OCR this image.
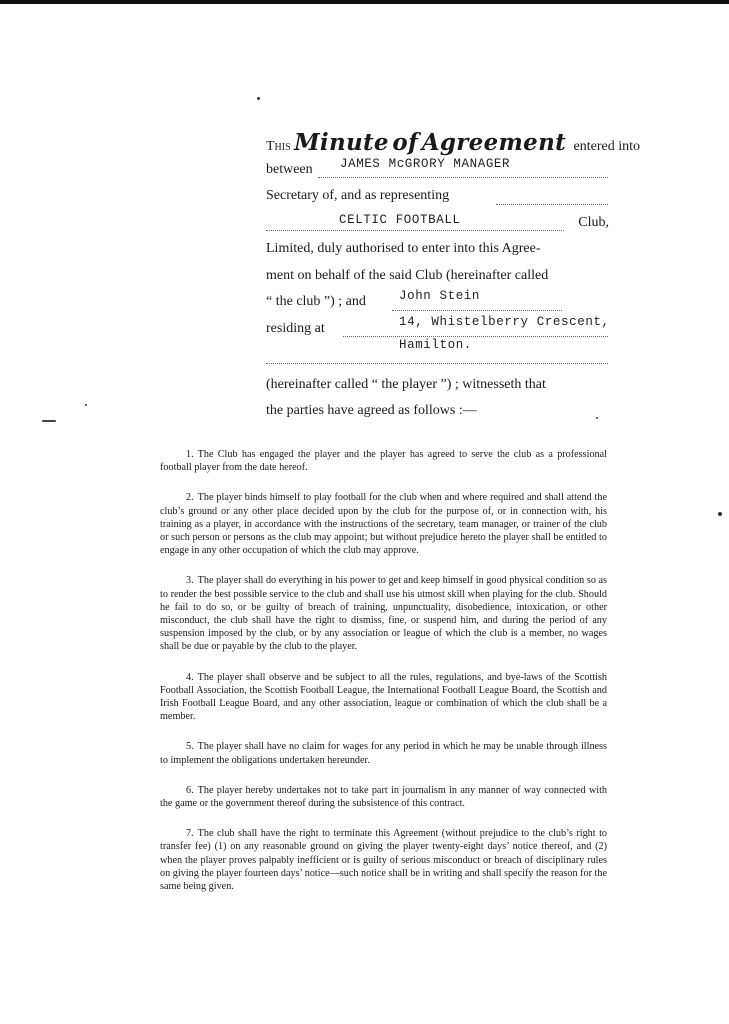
This Minute of Agreement entered into
between JAMES McGRORY MANAGER
Secretary of, and as representing
CELTIC FOOTBALL	Club,
Limited, duly authorised to enter into this Agree-
ment on behalf of the said Club (hereinafter called
“ the club ”) ; and	John Stein
residing at	14, Whistelberry Crescent,
Hamilton.
(hereinafter called “ the player ”) ; witnesseth that
the parties have agreed as follows :—

1. The Club has engaged the player and the player has agreed to serve the club as a professional football player from the date hereof.

2. The player binds himself to play football for the club when and where required and shall attend the club’s ground or any other place decided upon by the club for the purpose of, or in connection with, his training as a player, in accordance with the instructions of the secretary, team manager, or trainer of the club or such person or persons as the club may appoint; but without prejudice hereto the player shall be entitled to engage in any other occupation of which the club may approve.

3. The player shall do everything in his power to get and keep himself in good physical condition so as to render the best possible service to the club and shall use his utmost skill when playing for the club. Should he fail to do so, or be guilty of breach of training, unpunctuality, disobedience, intoxication, or other misconduct, the club shall have the right to dismiss, fine, or suspend him, and during the period of any suspension imposed by the club, or by any association or league of which the club is a member, no wages shall be due or payable by the club to the player.

4. The player shall observe and be subject to all the rules, regulations, and bye-laws of the Scottish Football Association, the Scottish Football League, the International Football League Board, the Scottish and Irish Football League Board, and any other association, league or combination of which the club shall be a member.

5. The player shall have no claim for wages for any period in which he may be unable through illness to implement the obligations undertaken hereunder.

6. The player hereby undertakes not to take part in journalism in any manner of way connected with the game or the government thereof during the subsistence of this contract.

7. The club shall have the right to terminate this Agreement (without prejudice to the club’s right to transfer fee) (1) on any reasonable ground on giving the player twenty-eight days’ notice thereof, and (2) when the player proves palpably inefficient or is guilty of serious misconduct or breach of disciplinary rules on giving the player fourteen days’ notice—such notice shall be in writing and shall specify the reason for the same being given.
